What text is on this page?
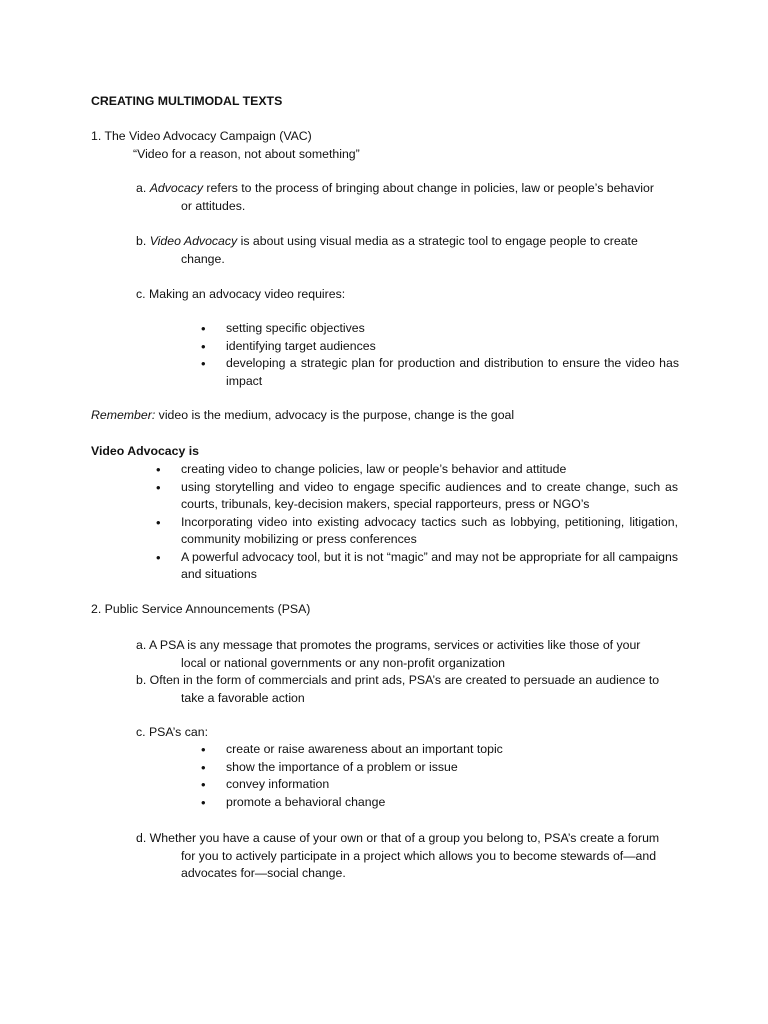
CREATING MULTIMODAL TEXTS
1. The Video Advocacy Campaign (VAC)
“Video for a reason, not about something”
a. Advocacy refers to the process of bringing about change in policies, law or people’s behavior
or attitudes.
b. Video Advocacy is about using visual media as a strategic tool to engage people to create
change.
c. Making an advocacy video requires:
• setting specific objectives
• identifying target audiences
• developing a strategic plan for production and distribution to ensure the video has impact
Remember: video is the medium, advocacy is the purpose, change is the goal
Video Advocacy is
• creating video to change policies, law or people’s behavior and attitude
• using storytelling and video to engage specific audiences and to create change, such as courts, tribunals, key-decision makers, special rapporteurs, press or NGO’s
• Incorporating video into existing advocacy tactics such as lobbying, petitioning, litigation, community mobilizing or press conferences
• A powerful advocacy tool, but it is not “magic” and may not be appropriate for all campaigns and situations
2. Public Service Announcements (PSA)
a. A PSA is any message that promotes the programs, services or activities like those of your
local or national governments or any non-profit organization
b. Often in the form of commercials and print ads, PSA’s are created to persuade an audience to
take a favorable action
c. PSA’s can:
• create or raise awareness about an important topic
• show the importance of a problem or issue
• convey information
• promote a behavioral change
d. Whether you have a cause of your own or that of a group you belong to, PSA’s create a forum
for you to actively participate in a project which allows you to become stewards of—and
advocates for—social change.
